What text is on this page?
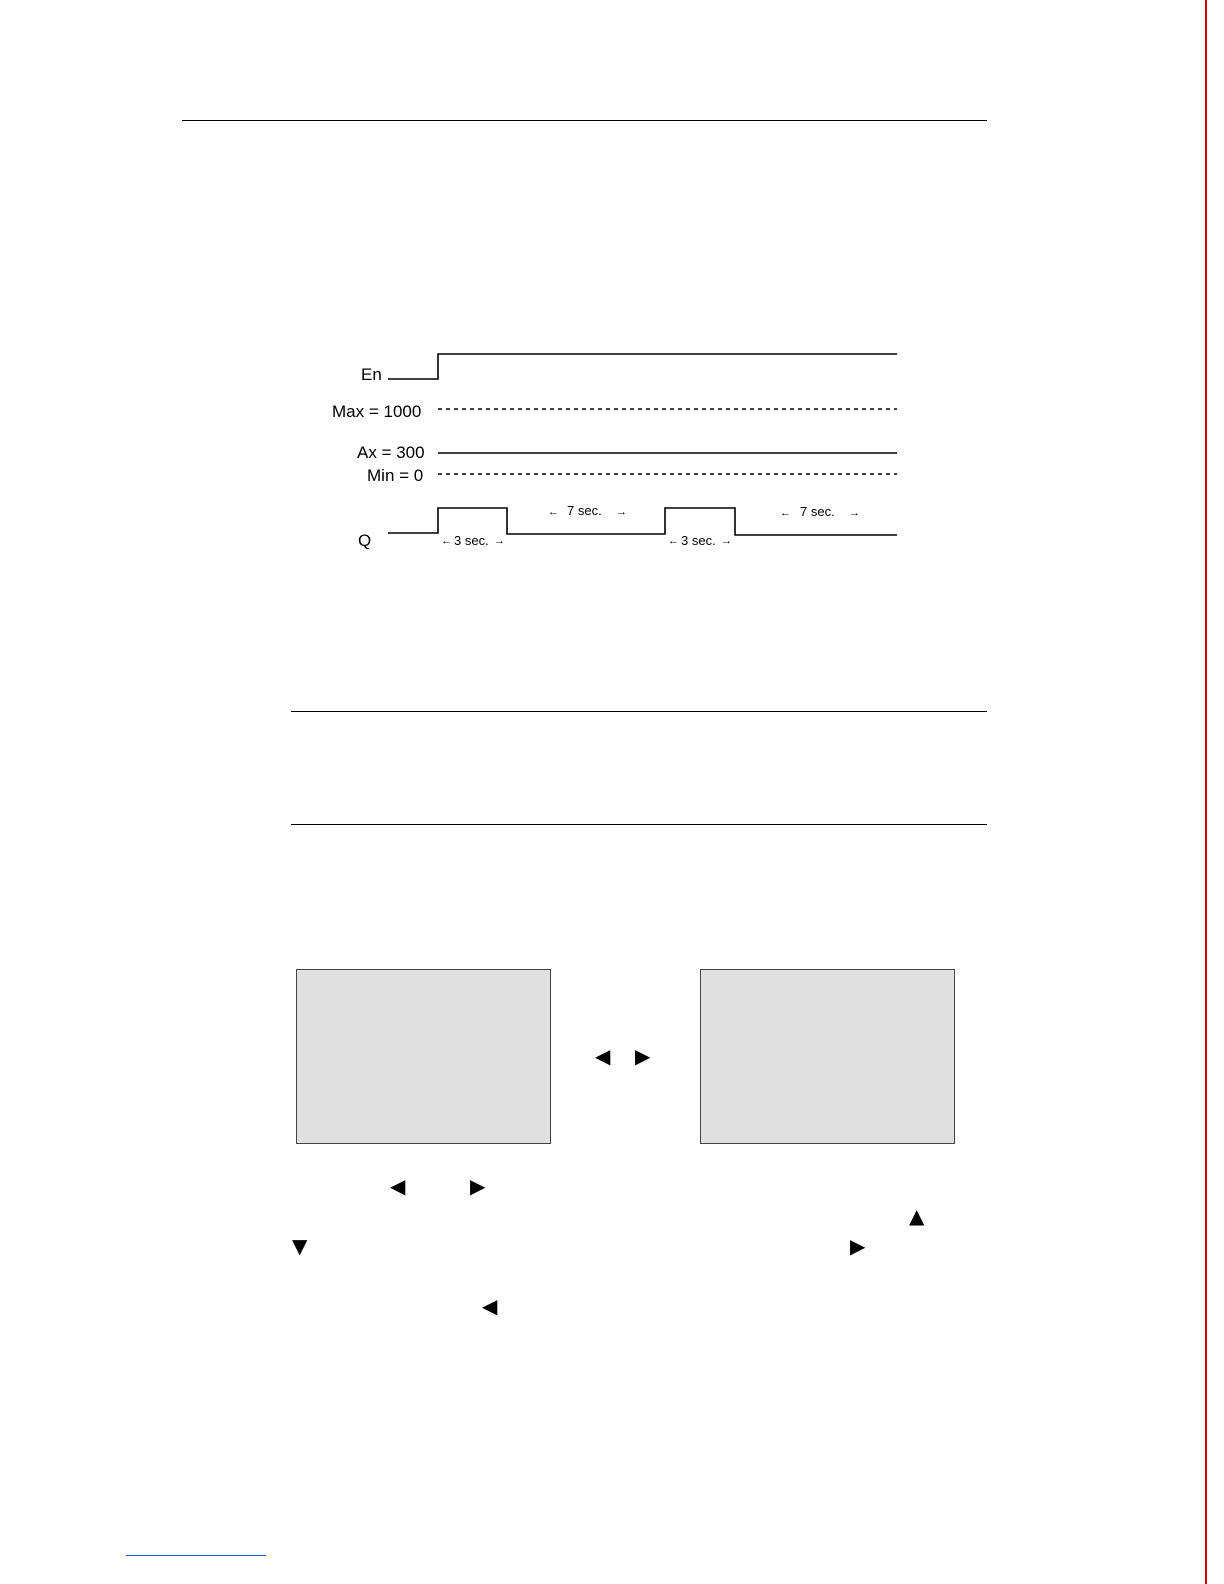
En
Max = 1000
Ax = 300
Min = 0
Q	← 3 sec. →
← 7 sec. →
← 3 sec. →
← 7 sec. →
◀ ▶
◀	▶
▲
▼	▶
◀
